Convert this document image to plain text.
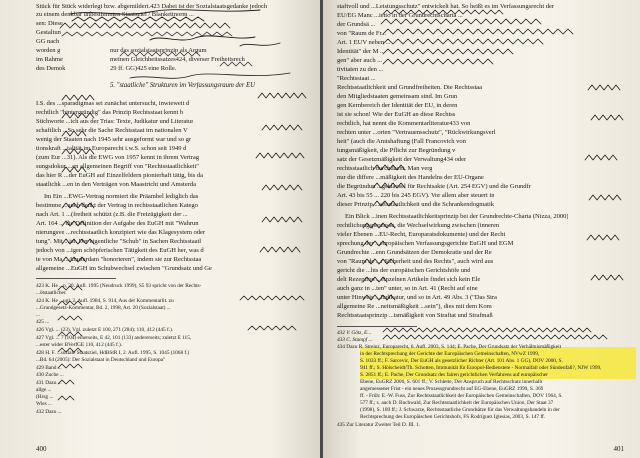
Stück für Stück widerlegt bzw. abgemildert.423 Dabei ist der Sozialstaatsgedanke jedoch
zu einem denkbar unbestimmten Staatsziel / Blankettnorm ...
sen: Diese
Gestaltun
GG nach
worden g
im Rahme
des Demok
nur das sozialstaatsprinzip als Argum
meinen Gleichheitssatzes424, diverser Freiheitsrech
29 ff. GG)425 eine Rolle.
5. "staatliche" Strukturen im Verfassungsraum der EU
I.S. des ...sparadigmas sei zunächst untersucht, inwieweit d
rechtlich "hintergründig" das Prinzip Rechtsstaat kennt b
Stichworte ...ich aus der Trias: Texte, Judikatur und Literatur
schaftlich ...So sehr die Sache Rechtsstaat im nationalen V
wenig der Staaten nach 1945 sehr ausgeformt war und so gr
tionskraft ...talität im Europarecht i.w.S. schon seit 1949 d
(zum Eur ...31). Als die EWG von 1957 kennt in ihrem Vertrag
sungsdokur ...en allgemeinen Begriff von "Rechtsstaatlichkeit"
das hier R ...der EuGH auf Einzelfeldern pionierhaft tätig, bis da
staatlichk ...en in den Verträgen von Maastricht und Amsterda
Im Ein ...EWG-Vertrag normiert die Präambel lediglich das
bestimme ...auch denkt der Vertrag in rechtsstaatlichen Katego
nach Art. 1 ...(freiheit schützt (z.B. die Freizügigkeit der ...
Art. 164 ... die Definition der Aufgabe des EuGH mit "Wahrun
nierungsve ...rechtsstaatlich konzipiert wie das Klagesystem oder
tung". Mit ...ist. Der eigentliche "Schub" in Sachen Rechtsstaatl
jedoch von ...igen schöpferischen Tätigkeit des EuGH her, was d
te von Ma ...Amsterdam "honorieren", indem sie zur Rechtsstaa
allgemeine ...EuGH im Schubwechsel zwischen "Grundsatz und Ge
423 K. He ...n, 20. Aufl. 1995 (Neudruck 1999), S5 93 spricht von der Rechts-
...ötstaatlicher.
424 K. He ...ugl. 2, Aufl. 1984, S. 914, Aus der Kommentarlit. zu
...Grundgesetz-Kommentar, Bd. 2, 1998, Art. 20 (Sozialstaat) ...
...
425 ...
426 Vgl. ... (23), Vgl. zuletzt E 100, 271 (284); 110, 412 (445 f.).
427 Vgl. ... 7 (104) einerseits, E 42, 101 (133) andererseits; zuletzt E 115,
...ester wider BVerfGE 110, 412 (445 f.).
428 H. F. ...soziale Staatsziel, HdBStR I, 2. Aufl. 1995, S. 1045 (1068 f.)
...Bd. 64 (2005): Der Sozialstaat in Deutschland und Europa"
429 Band ...
430 Zuche ...
431 Dazu ...
allge ...
(Hrsg ...
Wies ...
432 Dazu ...
400
staftvoll und ...Leistungsschutz" entwickelt hat. So heißt es im Verfassungsrecht der
EU/EG Manc ...ietto in der Grundrechtscharta ...
der Grundsä ...
von "Raum de Fr...
Art. 1 EUV neben ...
Identität" der M ...
gen" aber auch ...
tivitaten zu den ...
"Rechtsstaat ...
Rechtsstaatlichkeit und Grundfreiheiten. Die Rechtsstaa
den Mitgliedstaaten gemeinsam sind. Im Grun
gen Kernbereich der Identität der EU, in deren
ist sie schon! Wie der EuGH an diese Rechtss
rechtlich, hat nennt die Kommentarliteratur433 von
rechten unter ...orten "Vertrauensschutz", "Rückwirkungsverl
heit" (auch die Amtshaftung (Fall Francovich von
tungsmäßigkeit, die Pflicht zur Begründung v
satz der Gesetzmäßigkeit der Verwaltung434 oder
rechtsstaatlich durchdacht. Man verg
nur die differe ...mäßigkeit des Handelns der EU-Organe
die Begründun ...gsklausel für Rechtsakte (Art. 254 EGV) und die Grundfr
Art. 43 bis 55 ... 220 bis 245 EGV). Vor allem aber steuert in
dieser Prinzip ...aftsstaatlichkeit und die Schrankendogmatik
Ein Blick ...inen Rechtsstaatlichkeitsprinzip bei der Grundrechte-Charta (Nizza, 2000)
rechtlichungsprozesse, die Wechselwirkung zwischen (inneren
vieler Ebenen ...EU-Recht, Europaratsdokumente) und der Recht
sprechung der ...europäischen Verfassungsgerichte EuGH und EGM
Grundrechte ...enn Grundsätzen der Demokratie und der Re
von "Raum de ...r Sicherheit und des Rechts", auch wird aus
gericht die ...hts der europäischen Gerichtshöfe und
delt Rezeption ...einzelnen Artikeln findet sich kein Ele
auch ganz in ...ten" unter, so in Art. 41 (Recht auf eine
unter Hinweis ...Judikatur, und so in Art. 49 Abs. 3 ("Das Stra
allgemeine Re ...neitsmäßigkeit ...sein"), dies mit dem Kom
Rechtsstaatsprinzip ...tsmäßigkeit von Straftat und Strafmaß
432 V. Götz, E...
433 C. Stumpf ...
434 Dazu R. Streinz, Europarecht, 6. Aufl. 2003, S. 144; E. Pache, Der Grundsatz der Verhältnismäßigkeit
in der Rechtsprechung der Gerichte der Europäischen Gemeinschaften, NVwZ 1999,
S. 1033 ff.; F. Sarcevic, Der EuGH als gesetzlicher Richter (Art. 101 Abs. 1 GG), DÖV 2000, S.
941 ff.; S. Hölscheidt/Th. Schotten, Immunität für Europol-Bedienstete - Normalfall oder Sündenfall?, NJW 1999,
S. 2851 ff.; E. Pache, Der Grundsatz des fairen gerichtlichen Verfahrens auf europäischer
Ebene, EuGRZ 2000, S. 601 ff.; V. Schlette, Der Anspruch auf Rechtsschutz innerhalb
angemessener Frist - ein neues Prozessgrundrecht auf EG-Ebene, EuGRZ 1999, S. 369
ff. - Früh: E.-W. Fuss, Zur Rechtsstaatlichkeit der Europäischen Gemeinschaften, DÖV 1964, S.
577 ff.; s. auch D. Buchwald, Zur Rechtsstaatlichkeit der Europäischen Union, Der Staat 37
(1998), S. 189 ff.; J. Schwarze, Rechtsstaatliche Grundsätze für das Verwaltungshandeln in der
Rechtsprechung des Europäischen Gerichtshofs, FS Rodríguez Iglesias, 2003, S. 147 ff.
435 Zur Literatur Zweiter Teil D. III. 1.
401
